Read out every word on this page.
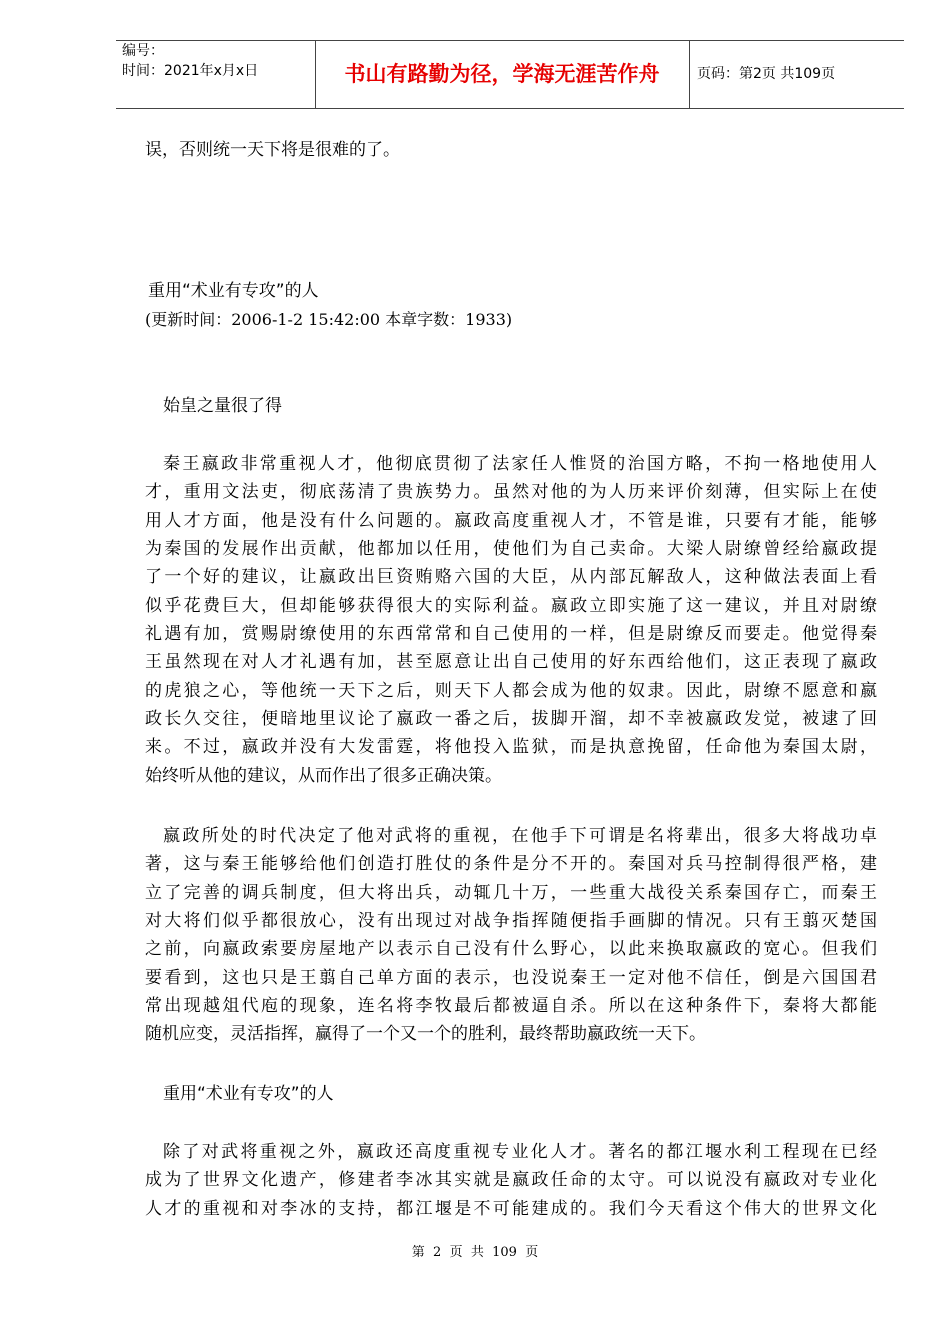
编号：
时间：2021年x月x日	书山有路勤为径，学海无涯苦作舟	页码：第2页 共109页
误，否则统一天下将是很难的了。
重用“术业有专攻”的人
(更新时间：2006-1-2 15:42:00 本章字数：1933)
始皇之量很了得
秦王嬴政非常重视人才，他彻底贯彻了法家任人惟贤的治国方略，不拘一格地使用人
才，重用文法吏，彻底荡清了贵族势力。虽然对他的为人历来评价刻薄，但实际上在使
用人才方面，他是没有什么问题的。嬴政高度重视人才，不管是谁，只要有才能，能够
为秦国的发展作出贡献，他都加以任用，使他们为自己卖命。大梁人尉缭曾经给嬴政提
了一个好的建议，让嬴政出巨资贿赂六国的大臣，从内部瓦解敌人，这种做法表面上看
似乎花费巨大，但却能够获得很大的实际利益。嬴政立即实施了这一建议，并且对尉缭
礼遇有加，赏赐尉缭使用的东西常常和自己使用的一样，但是尉缭反而要走。他觉得秦
王虽然现在对人才礼遇有加，甚至愿意让出自己使用的好东西给他们，这正表现了嬴政
的虎狼之心，等他统一天下之后，则天下人都会成为他的奴隶。因此，尉缭不愿意和嬴
政长久交往，便暗地里议论了嬴政一番之后，拔脚开溜，却不幸被嬴政发觉，被逮了回
来。不过，嬴政并没有大发雷霆，将他投入监狱，而是执意挽留，任命他为秦国太尉，
始终听从他的建议，从而作出了很多正确决策。
嬴政所处的时代决定了他对武将的重视，在他手下可谓是名将辈出，很多大将战功卓
著，这与秦王能够给他们创造打胜仗的条件是分不开的。秦国对兵马控制得很严格，建
立了完善的调兵制度，但大将出兵，动辄几十万，一些重大战役关系秦国存亡，而秦王
对大将们似乎都很放心，没有出现过对战争指挥随便指手画脚的情况。只有王翦灭楚国
之前，向嬴政索要房屋地产以表示自己没有什么野心，以此来换取嬴政的宽心。但我们
要看到，这也只是王翦自己单方面的表示，也没说秦王一定对他不信任，倒是六国国君
常出现越俎代庖的现象，连名将李牧最后都被逼自杀。所以在这种条件下，秦将大都能
随机应变，灵活指挥，赢得了一个又一个的胜利，最终帮助嬴政统一天下。
重用“术业有专攻”的人
除了对武将重视之外，嬴政还高度重视专业化人才。著名的都江堰水利工程现在已经
成为了世界文化遗产，修建者李冰其实就是嬴政任命的太守。可以说没有嬴政对专业化
人才的重视和对李冰的支持，都江堰是不可能建成的。我们今天看这个伟大的世界文化
第  2  页  共  109  页
